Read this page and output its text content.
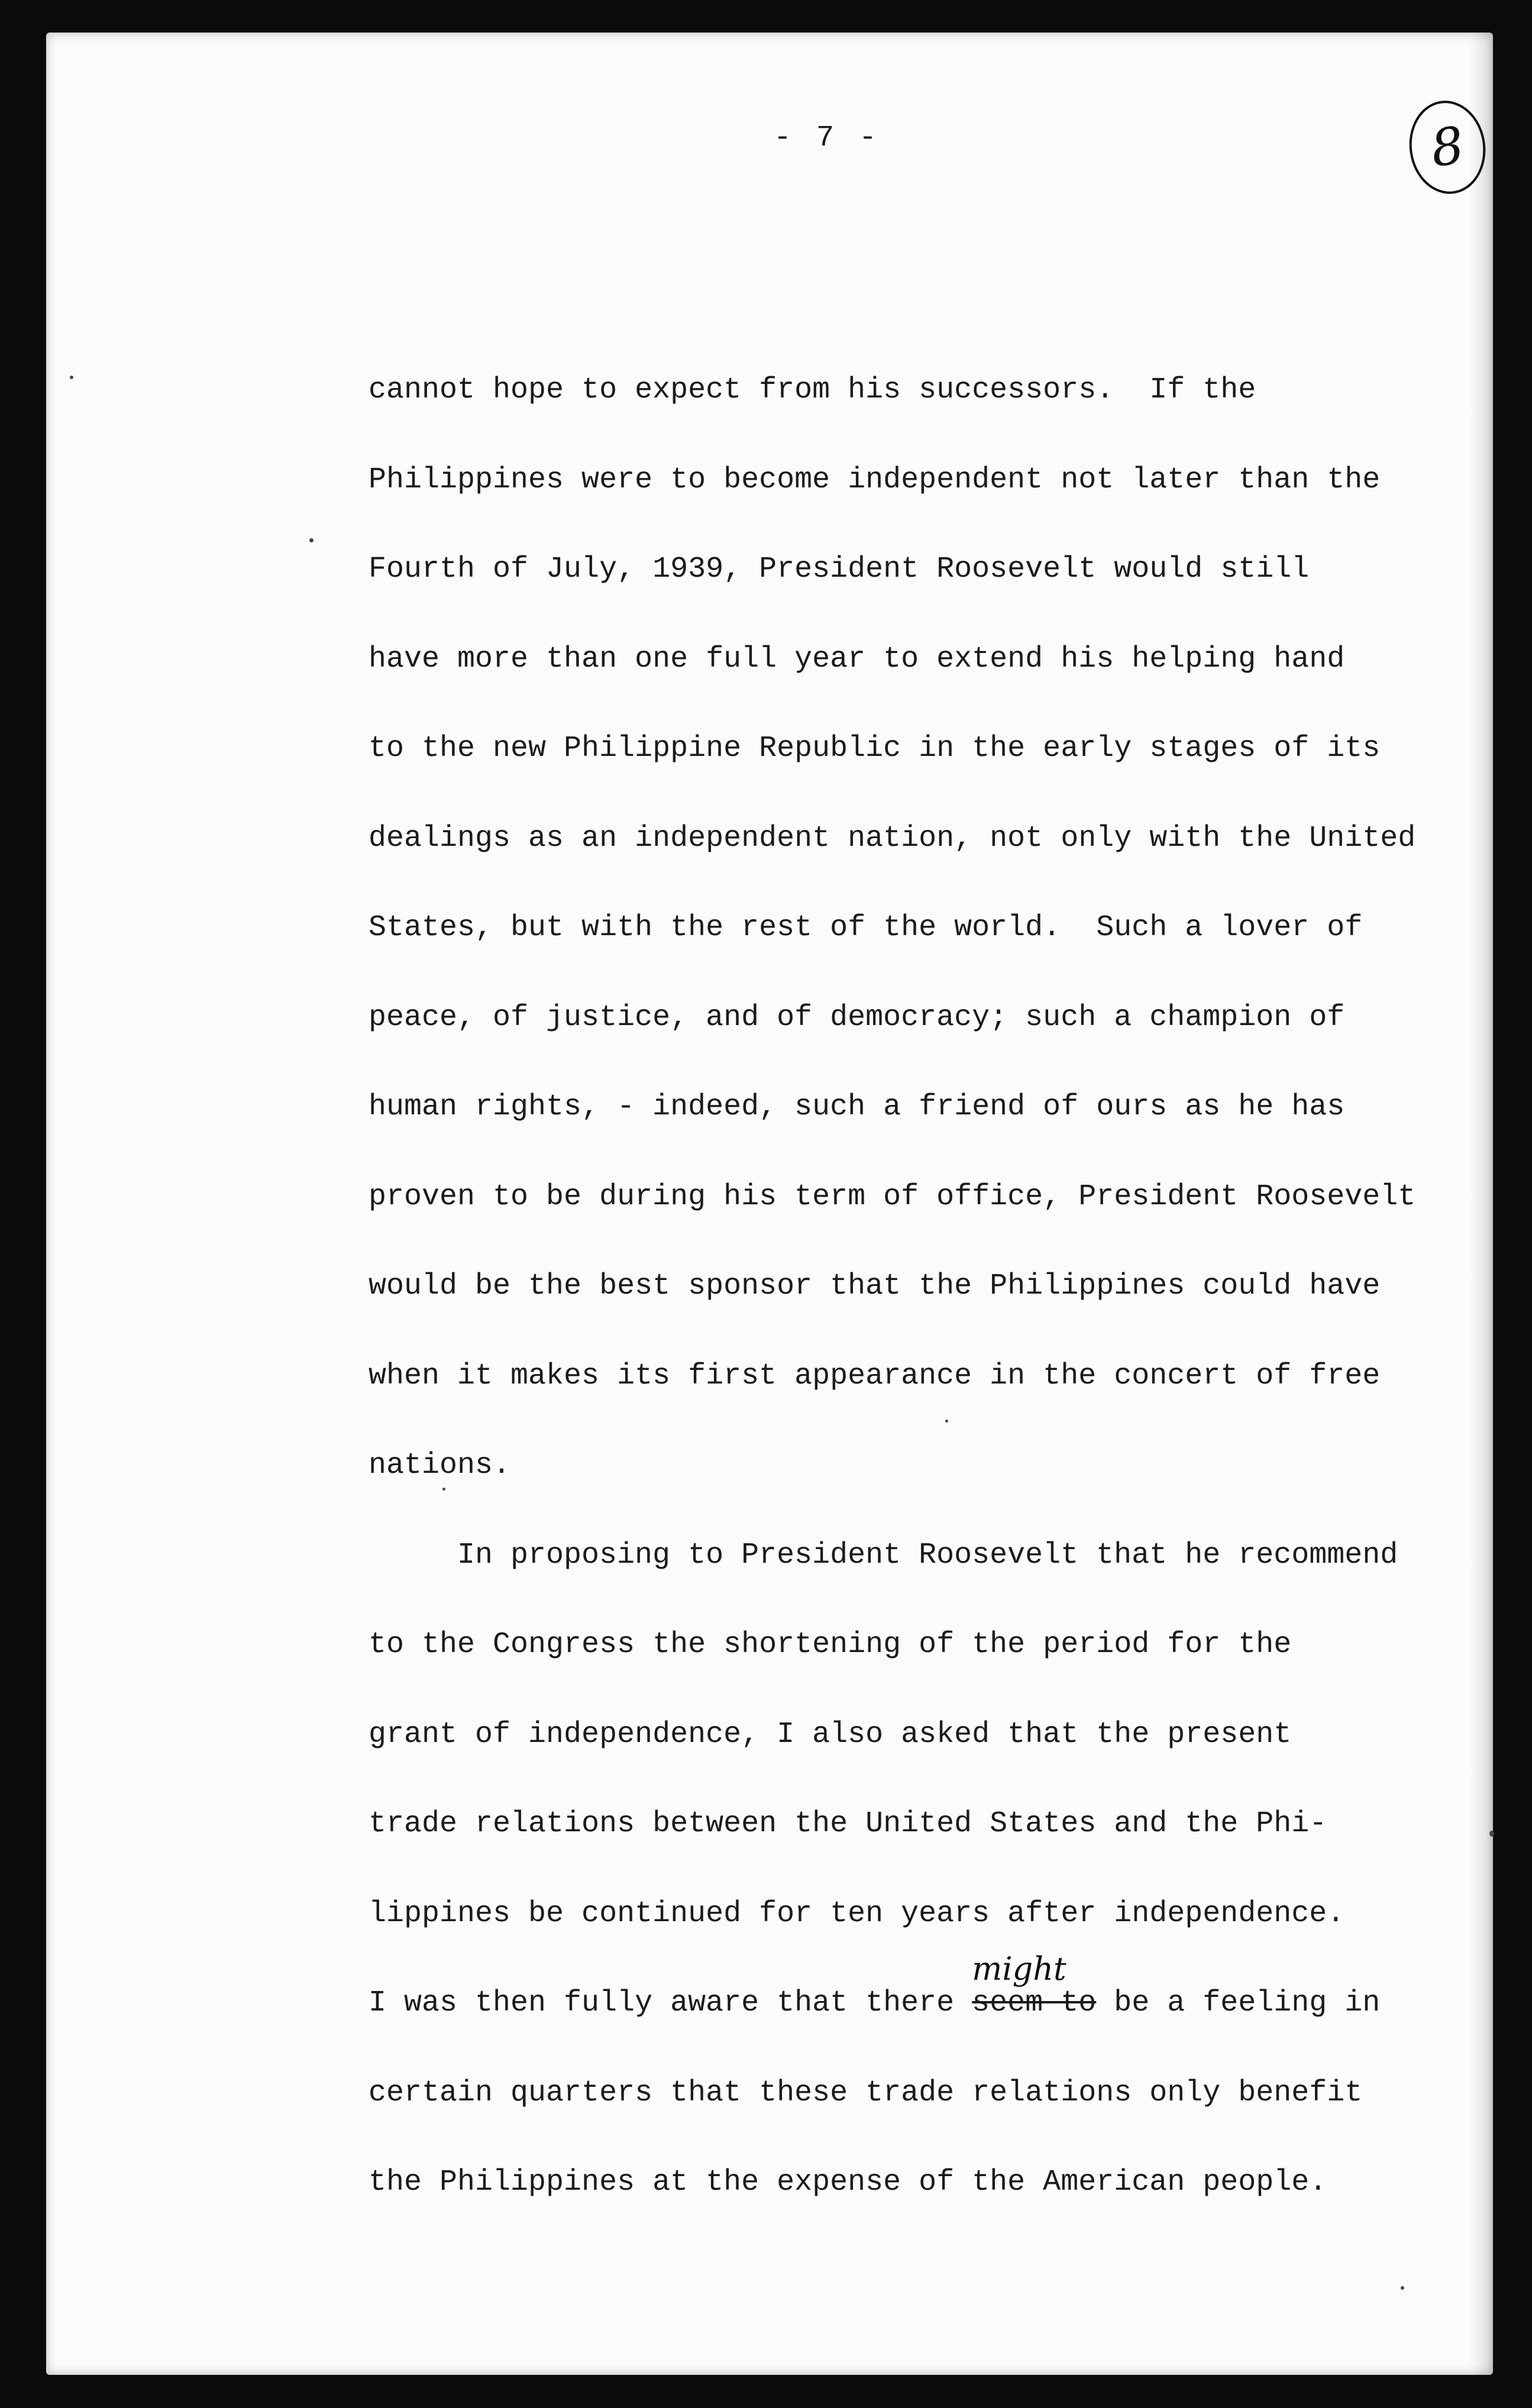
- 7 -	8
cannot hope to expect from his successors.  If the
Philippines were to become independent not later than the
Fourth of July, 1939, President Roosevelt would still
have more than one full year to extend his helping hand
to the new Philippine Republic in the early stages of its
dealings as an independent nation, not only with the United
States, but with the rest of the world.  Such a lover of
peace, of justice, and of democracy; such a champion of
human rights, - indeed, such a friend of ours as he has
proven to be during his term of office, President Roosevelt
would be the best sponsor that the Philippines could have
when it makes its first appearance in the concert of free
nations.
In proposing to President Roosevelt that he recommend
to the Congress the shortening of the period for the
grant of independence, I also asked that the present
trade relations between the United States and the Phi-
lippines be continued for ten years after independence.
I was then fully aware that there seem to
might
be a feeling in
certain quarters that these trade relations only benefit
the Philippines at the expense of the American people.
